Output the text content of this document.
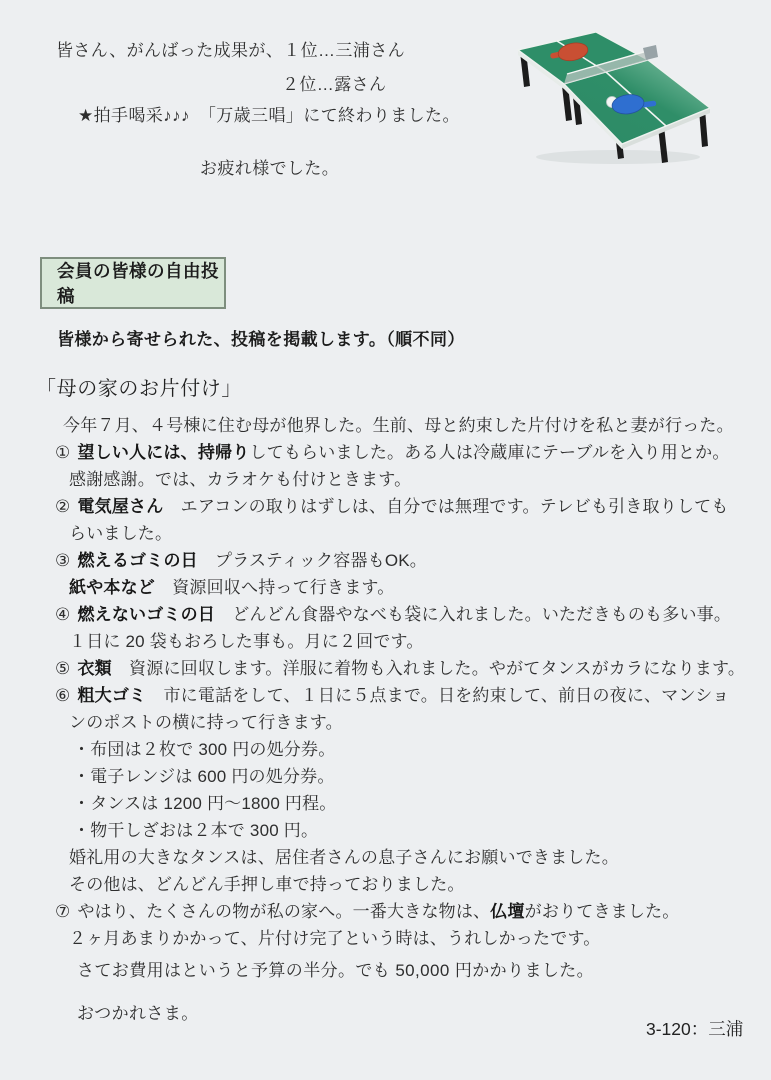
皆さん、がんばった成果が、１位…三浦さん
２位…露さん
★拍手喝采♪♪♪　「万歳三唱」にて終わりました。
お疲れ様でした。
会員の皆様の自由投稿
皆様から寄せられた、投稿を掲載します。（順不同）
「母の家のお片付け」
今年７月、４号棟に住む母が他界した。生前、母と約束した片付けを私と妻が行った。
① 望しい人には、持帰りしてもらいました。ある人は冷蔵庫にテーブルを入り用とか。
感謝感謝。では、カラオケも付けときます。
② 電気屋さん　エアコンの取りはずしは、自分では無理です。テレビも引き取りしても
らいました。
③ 燃えるゴミの日　プラスティック容器もOK。
紙や本など　資源回収へ持って行きます。
④ 燃えないゴミの日　どんどん食器やなべも袋に入れました。いただきものも多い事。
１日に 20 袋もおろした事も。月に２回です。
⑤ 衣類　資源に回収します。洋服に着物も入れました。やがてタンスがカラになります。
⑥ 粗大ゴミ　市に電話をして、１日に５点まで。日を約束して、前日の夜に、マンショ
ンのポストの横に持って行きます。
・布団は２枚で 300 円の処分券。
・電子レンジは 600 円の処分券。
・タンスは 1200 円～1800 円程。
・物干しざおは２本で 300 円。
婚礼用の大きなタンスは、居住者さんの息子さんにお願いできました。
その他は、どんどん手押し車で持っておりました。
⑦ やはり、たくさんの物が私の家へ。一番大きな物は、仏壇がおりてきました。
２ヶ月あまりかかって、片付け完了という時は、うれしかったです。
さてお費用はというと予算の半分。でも 50,000 円かかりました。
おつかれさま。
3-120：三浦
